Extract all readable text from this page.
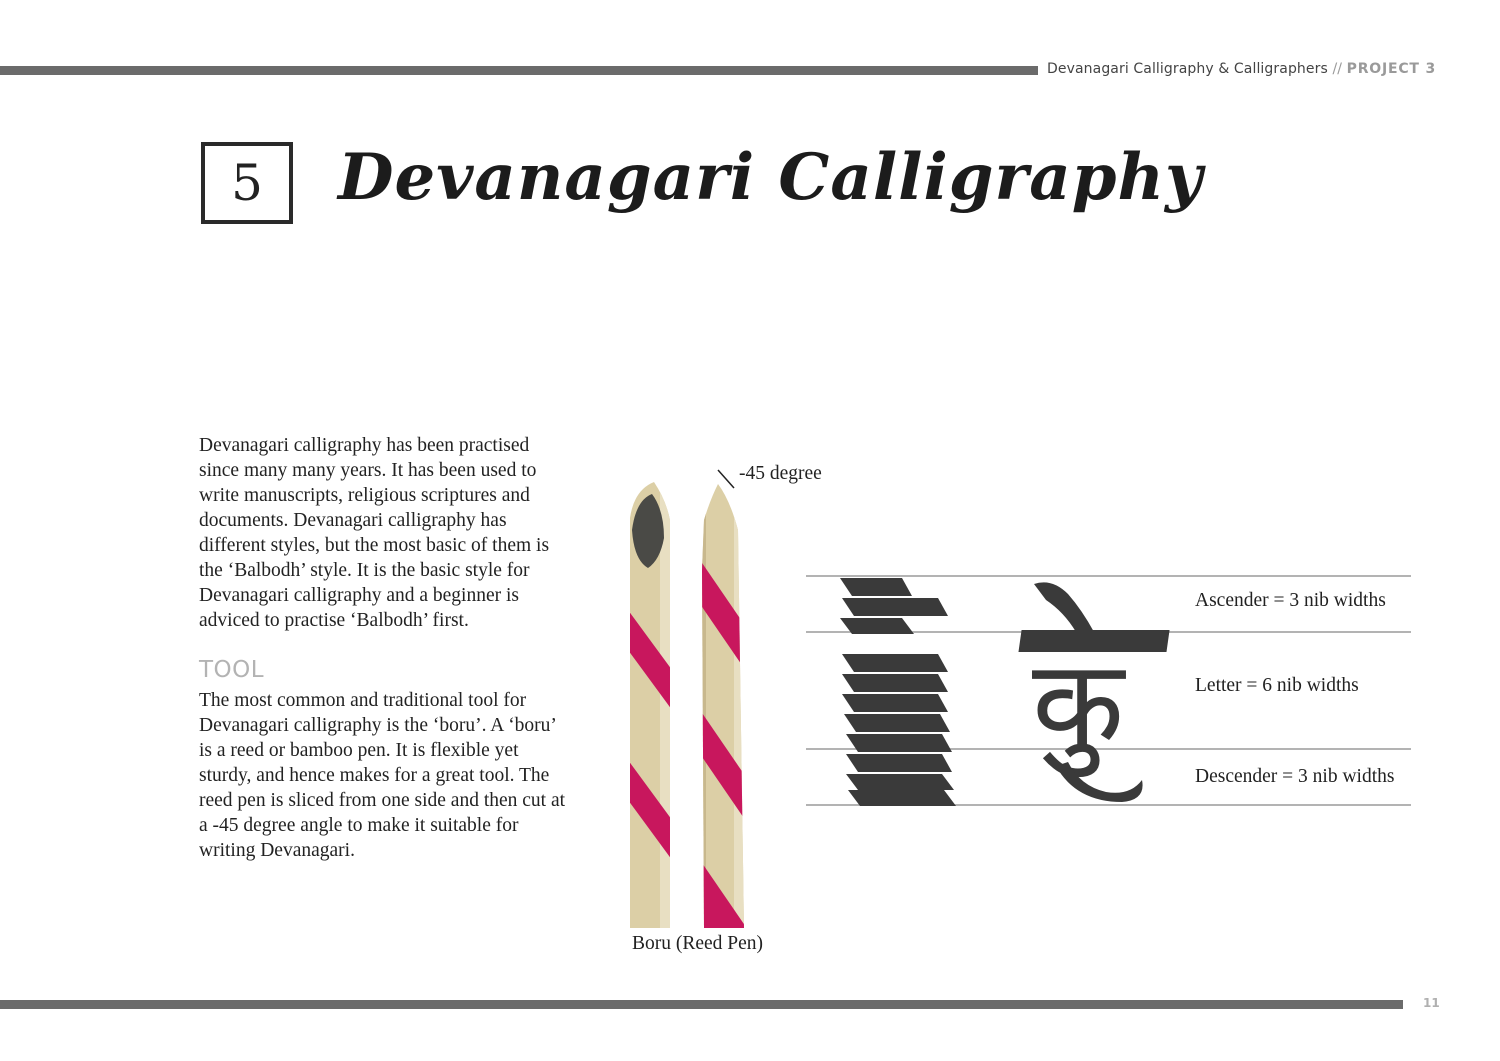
Devanagari Calligraphy & Calligraphers // PROJECT 3
5	Devanagari Calligraphy
Devanagari calligraphy has been practised since many many years. It has been used to write manuscripts, religious scriptures and documents. Devanagari calligraphy has different styles, but the most basic of them is the ‘Balbodh’ style. It is the basic style for Devanagari calligraphy and a beginner is adviced to practise ‘Balbodh’ first.
TOOL
The most common and traditional tool for Devanagari calligraphy is the ‘boru’. A ‘boru’ is a reed or bamboo pen. It is flexible yet sturdy, and hence makes for a great tool. The reed pen is sliced from one side and then cut at a -45 degree angle to make it suitable for writing Devanagari.
-45 degree
Boru (Reed Pen)
कु
Ascender = 3 nib widths
Letter = 6 nib widths
Descender = 3 nib widths
11
